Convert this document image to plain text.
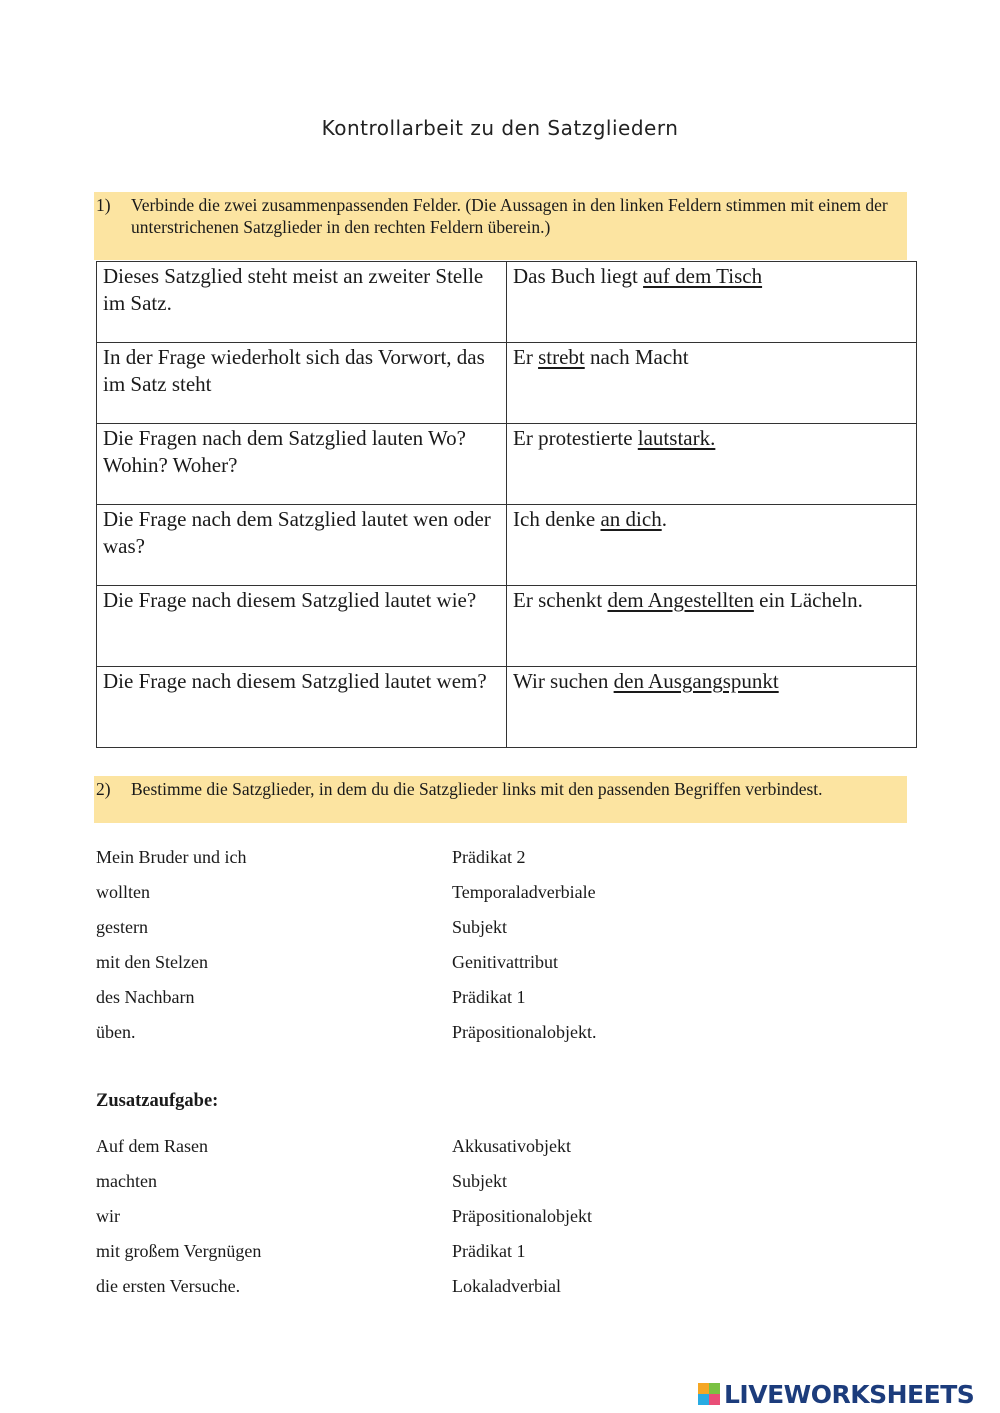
Kontrollarbeit zu den Satzgliedern
1) Verbinde die zwei zusammenpassenden Felder. (Die Aussagen in den linken Feldern stimmen mit einem der unterstrichenen Satzglieder in den rechten Feldern überein.)
Dieses Satzglied steht meist an zweiter Stelle im Satz.	Das Buch liegt auf dem Tisch
In der Frage wiederholt sich das Vorwort, das im Satz steht	Er strebt nach Macht
Die Fragen nach dem Satzglied lauten Wo? Wohin? Woher?	Er protestierte lautstark.
Die Frage nach dem Satzglied lautet wen oder was?	Ich denke an dich.
Die Frage nach diesem Satzglied lautet wie?	Er schenkt dem Angestellten ein Lächeln.
Die Frage nach diesem Satzglied lautet wem?	Wir suchen den Ausgangspunkt
2) Bestimme die Satzglieder, in dem du die Satzglieder links mit den passenden Begriffen verbindest.
Mein Bruder und ich	Prädikat 2
wollten	Temporaladverbiale
gestern	Subjekt
mit den Stelzen	Genitivattribut
des Nachbarn	Prädikat 1
üben.	Präpositionalobjekt.
Zusatzaufgabe:
Auf dem Rasen	Akkusativobjekt
machten	Subjekt
wir	Präpositionalobjekt
mit großem Vergnügen	Prädikat 1
die ersten Versuche.	Lokaladverbial
LIVEWORKSHEETS
